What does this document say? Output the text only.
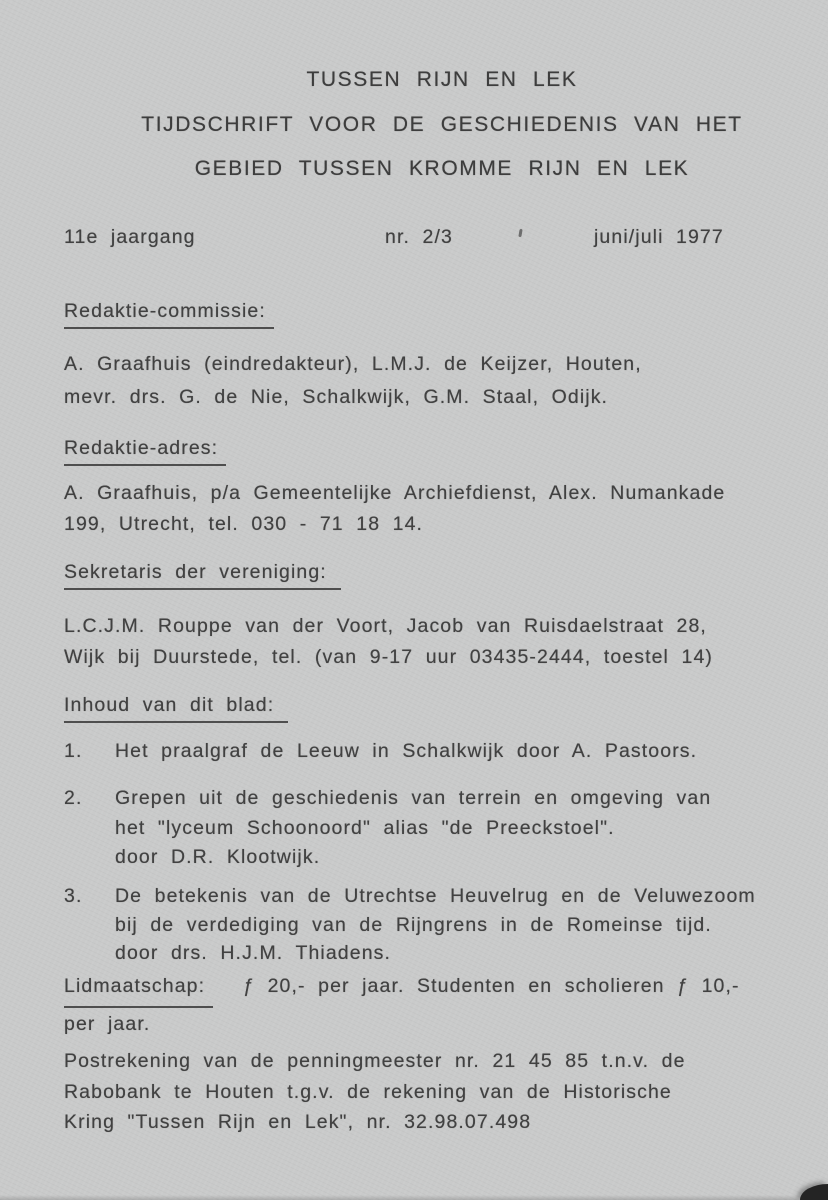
TUSSEN RIJN EN LEK
TIJDSCHRIFT VOOR DE GESCHIEDENIS VAN HET
GEBIED TUSSEN KROMME RIJN EN LEK
11e jaargang	nr. 2/3	juni/juli 1977
Redaktie-commissie:
A. Graafhuis (eindredakteur), L.M.J. de Keijzer, Houten,
mevr. drs. G. de Nie, Schalkwijk, G.M. Staal, Odijk.
Redaktie-adres:
A. Graafhuis, p/a Gemeentelijke Archiefdienst, Alex. Numankade
199, Utrecht, tel. 030 - 71 18 14.
Sekretaris der vereniging:
L.C.J.M. Rouppe van der Voort, Jacob van Ruisdaelstraat 28,
Wijk bij Duurstede, tel. (van 9-17 uur 03435-2444, toestel 14)
Inhoud van dit blad:
1.	Het praalgraf de Leeuw in Schalkwijk door A. Pastoors.
2.	Grepen uit de geschiedenis van terrein en omgeving van
het "lyceum Schoonoord" alias "de Preeckstoel".
door D.R. Klootwijk.
3.	De betekenis van de Utrechtse Heuvelrug en de Veluwezoom
bij de verdediging van de Rijngrens in de Romeinse tijd.
door drs. H.J.M. Thiadens.
Lidmaatschap: ƒ 20,- per jaar. Studenten en scholieren ƒ 10,-
per jaar.
Postrekening van de penningmeester nr. 21 45 85 t.n.v. de
Rabobank te Houten t.g.v. de rekening van de Historische
Kring "Tussen Rijn en Lek", nr. 32.98.07.498
